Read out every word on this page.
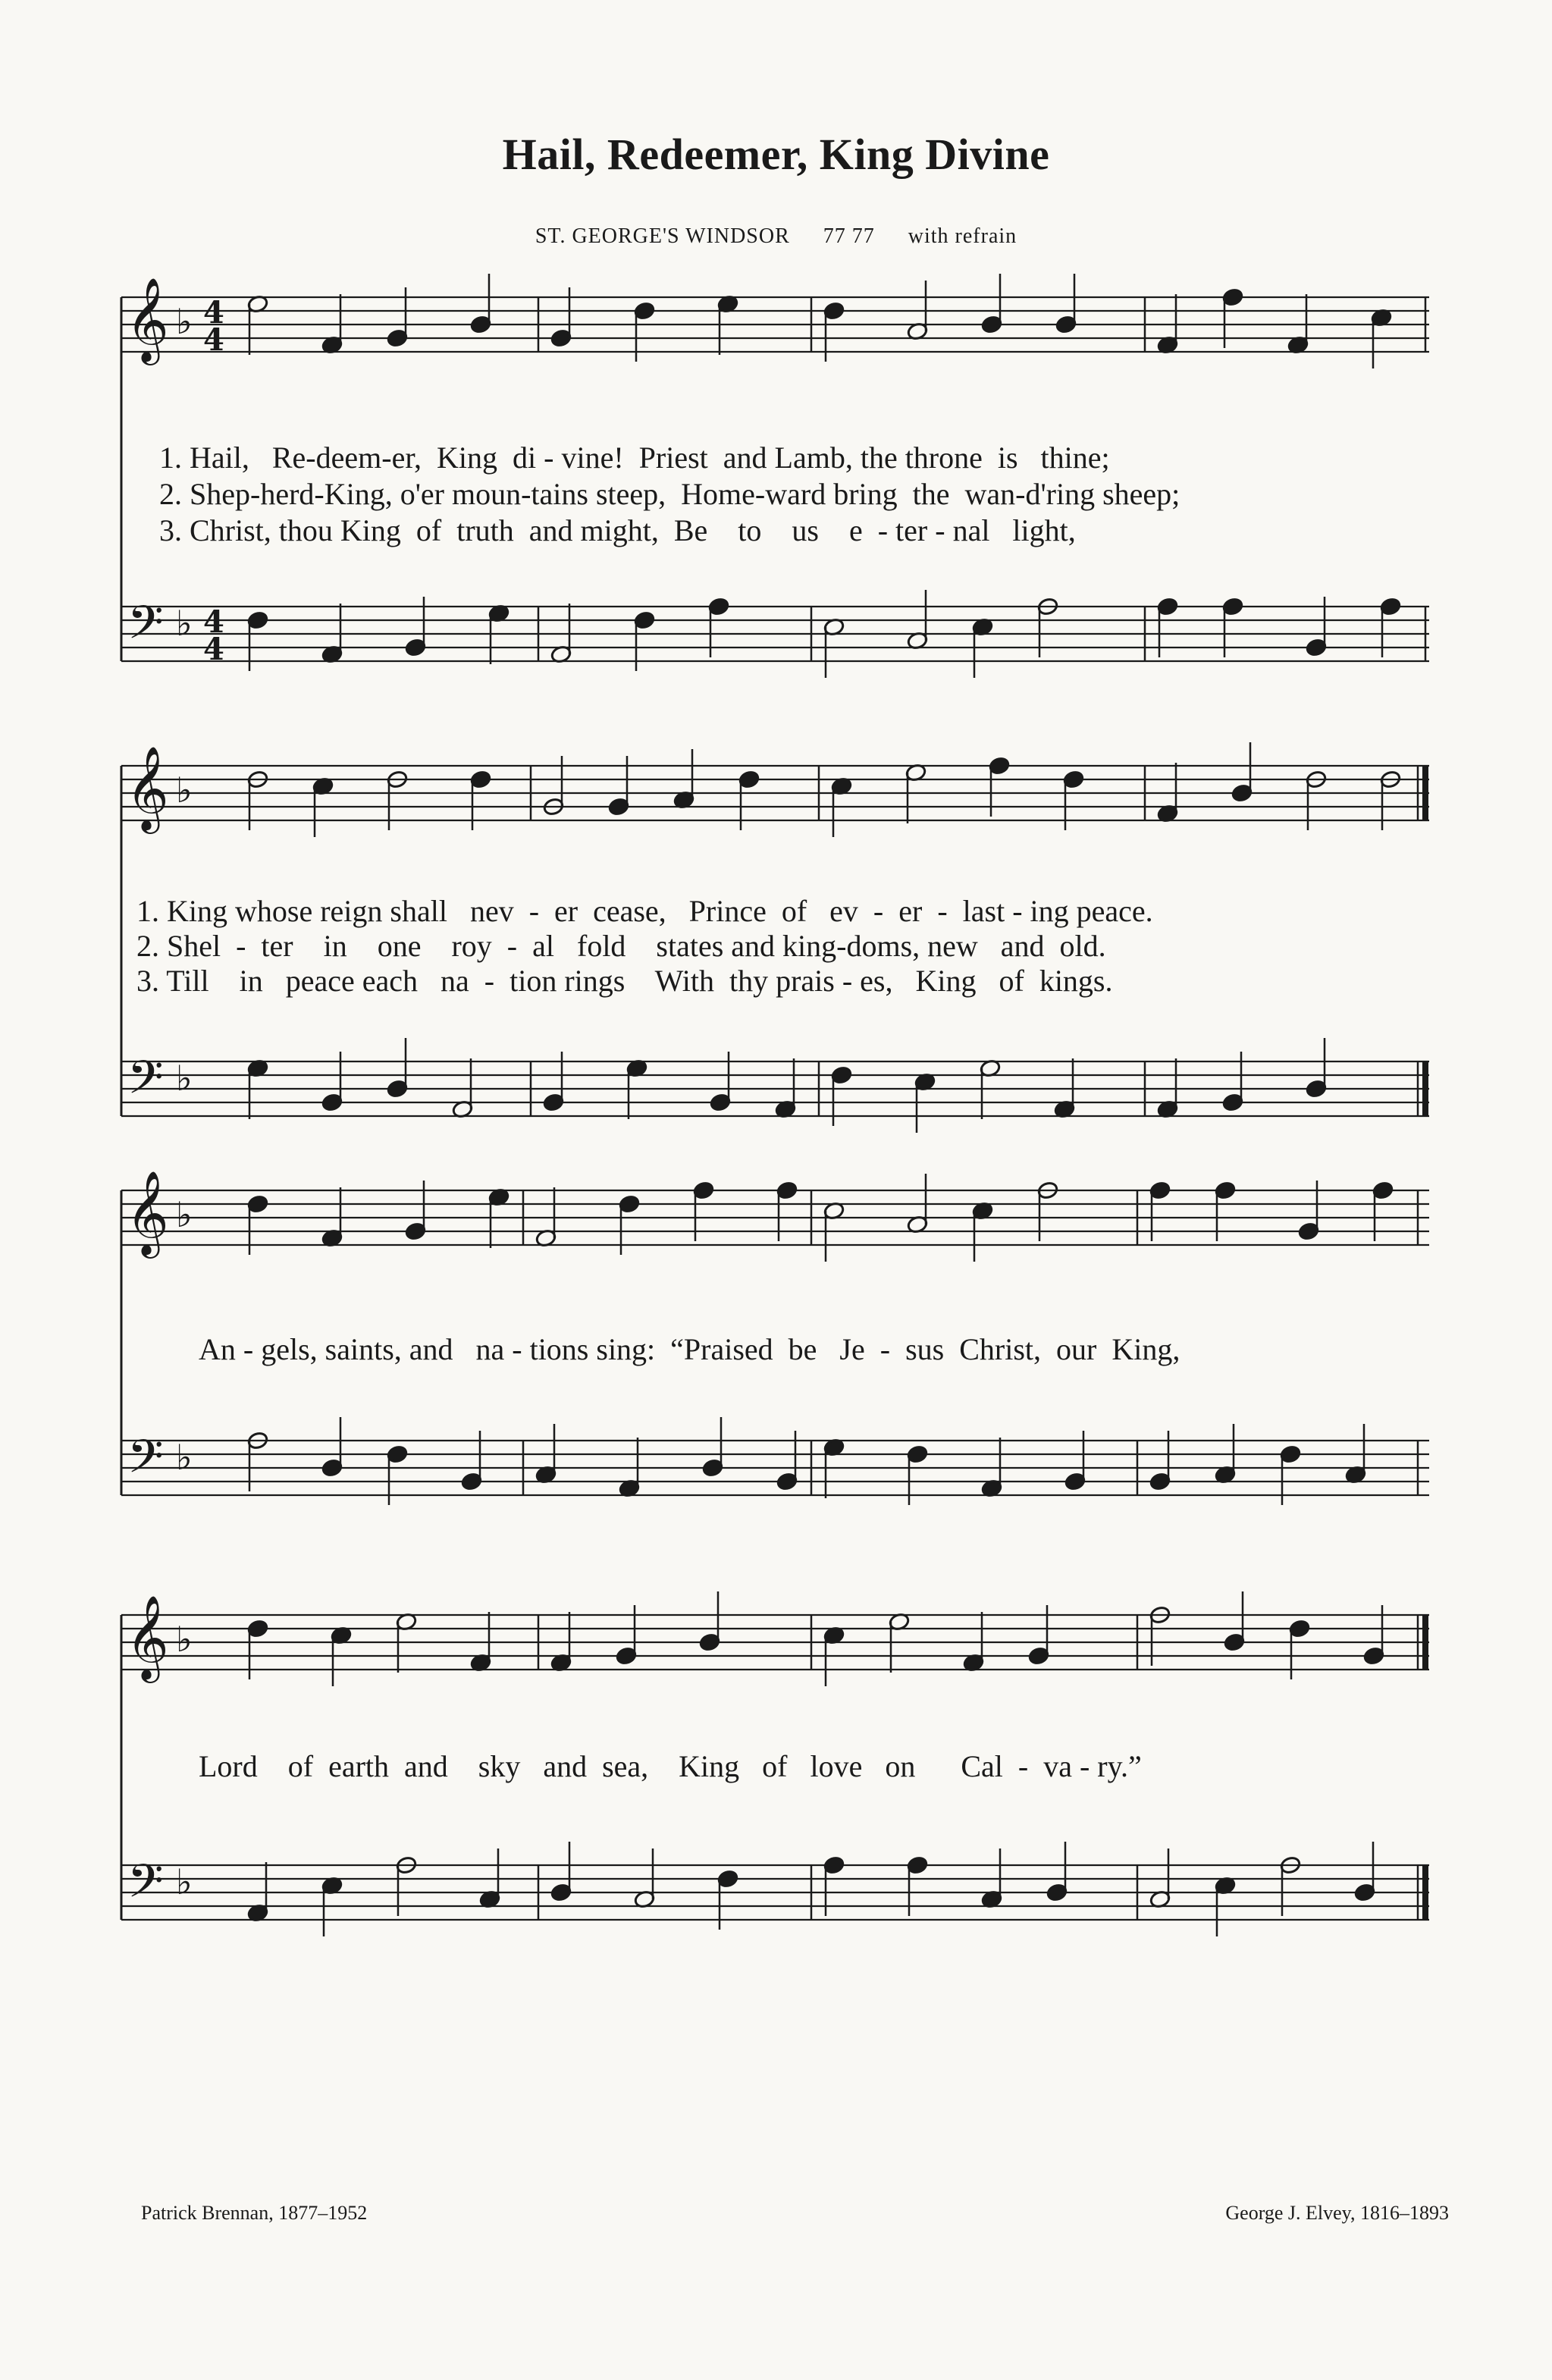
Hail, Redeemer, King Divine
ST. GEORGE'S WINDSOR 77 77 with refrain
𝄞
𝄢
♭
♭
4
4
4
4
𝄞
𝄢
♭
♭
𝄞
𝄢
♭
♭
𝄞
𝄢
♭
♭
1. Hail,   Re-deem-er,  King  di - vine!  Priest  and Lamb, the throne  is   thine;
2. Shep-herd-King, o'er moun-tains steep,  Home-ward bring  the  wan-d'ring sheep;
3. Christ, thou King  of  truth  and might,  Be    to    us    e  - ter - nal   light,
1. King whose reign shall   nev  -  er  cease,   Prince  of   ev  -  er  -  last - ing peace.
2. Shel  -  ter    in    one    roy  -  al   fold    states and king-doms, new   and  old.
3. Till    in   peace each   na  -  tion rings    With  thy prais - es,   King   of  kings.
An - gels, saints, and   na - tions sing:  “Praised  be   Je  -  sus  Christ,  our  King,
Lord    of  earth  and    sky   and  sea,    King   of   love   on      Cal  -  va - ry.”
Patrick Brennan, 1877–1952	George J. Elvey, 1816–1893
